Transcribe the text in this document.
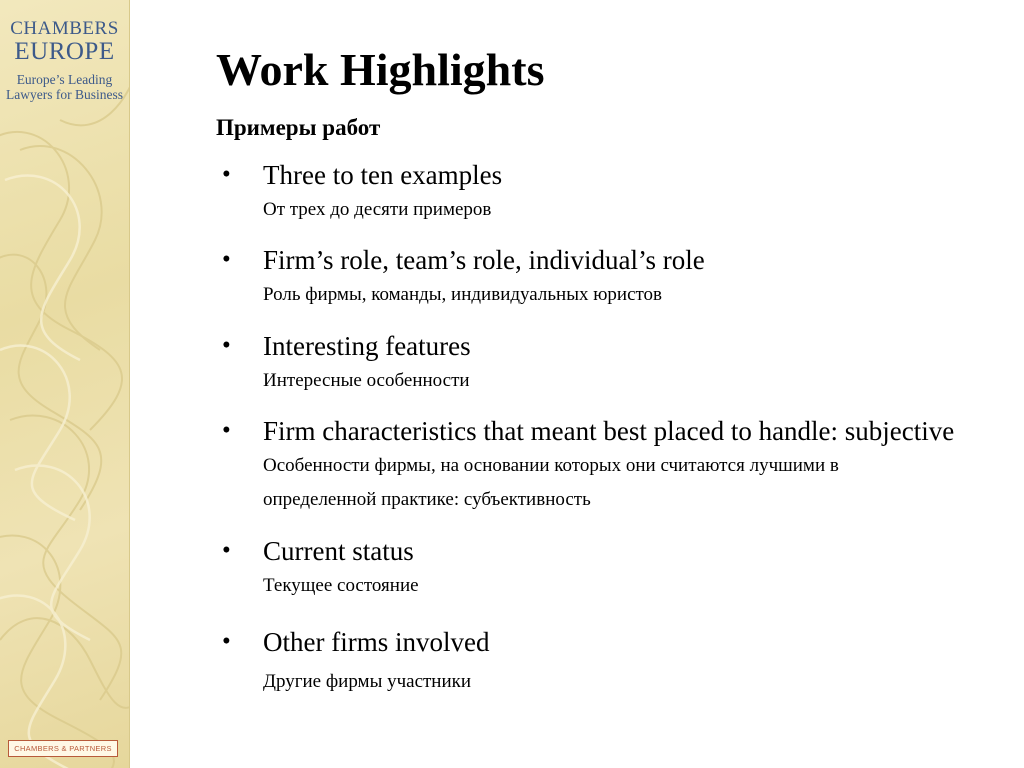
CHAMBERS
EUROPE
Europe’s Leading
Lawyers for Business
CHAMBERS & PARTNERS
Work Highlights
Примеры работ
• Three to ten examples
От трех до десяти примеров
• Firm’s role, team’s role, individual’s role
Роль фирмы, команды, индивидуальных юристов
• Interesting features
Интересные особенности
• Firm characteristics that meant best placed to handle: subjective
Особенности фирмы, на основании которых они считаются лучшими в
определенной практике: субъективность
• Current status
Текущее состояние
• Other firms involved
Другие фирмы участники
